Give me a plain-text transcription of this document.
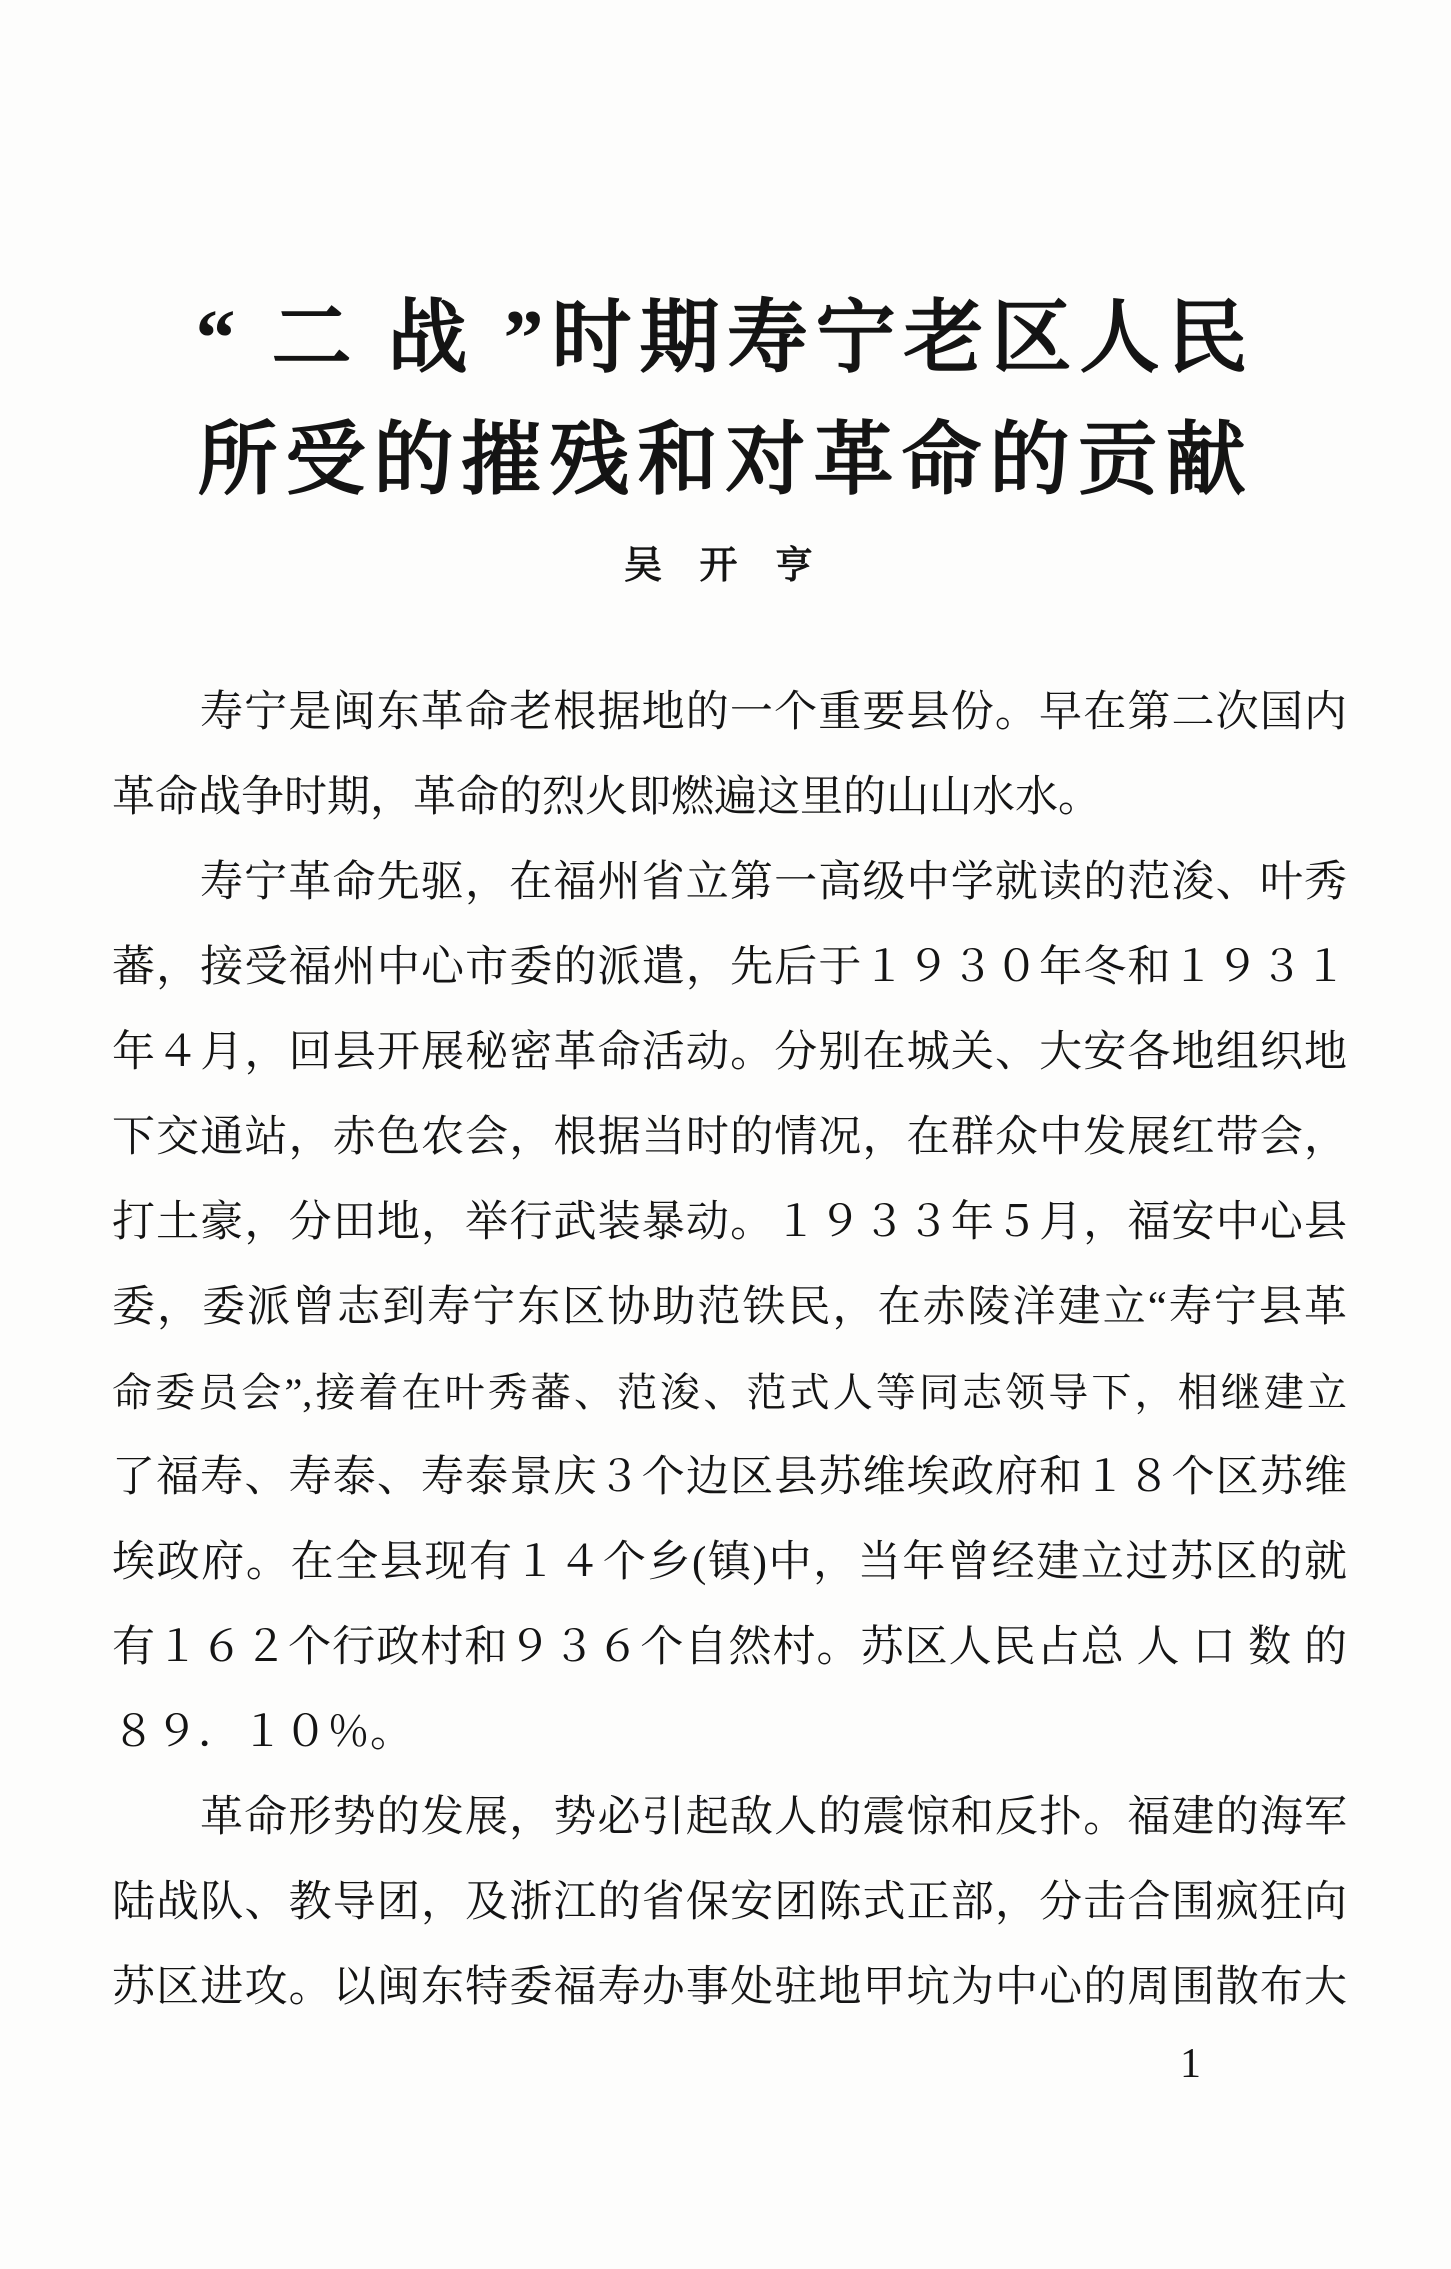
“ 二 战 ”时期寿宁老区人民
所受的摧残和对革命的贡献
吴 开 亨

寿宁是闽东革命老根据地的一个重要县份。早在第二次国内
革命战争时期，革命的烈火即燃遍这里的山山水水。

寿宁革命先驱，在福州省立第一高级中学就读的范浚、叶秀
蕃，接受福州中心市委的派遣，先后于１９３０年冬和１９３１
年４月，回县开展秘密革命活动。分别在城关、大安各地组织地
下交通站，赤色农会，根据当时的情况，在群众中发展红带会，
打土豪，分田地，举行武装暴动。１９３３年５月，福安中心县
委，委派曾志到寿宁东区协助范铁民，在赤陵洋建立“寿宁县革
命委员会”,接着在叶秀蕃、范浚、范式人等同志领导下，相继建立
了福寿、寿泰、寿泰景庆３个边区县苏维埃政府和１８个区苏维
埃政府。在全县现有１４个乡(镇)中，当年曾经建立过苏区的就
有１６２个行政村和９３６个自然村。苏区人民占总 人 口 数 的
８９．１０％。

革命形势的发展，势必引起敌人的震惊和反扑。福建的海军
陆战队、教导团，及浙江的省保安团陈式正部，分击合围疯狂向
苏区进攻。以闽东特委福寿办事处驻地甲坑为中心的周围散布大

1
